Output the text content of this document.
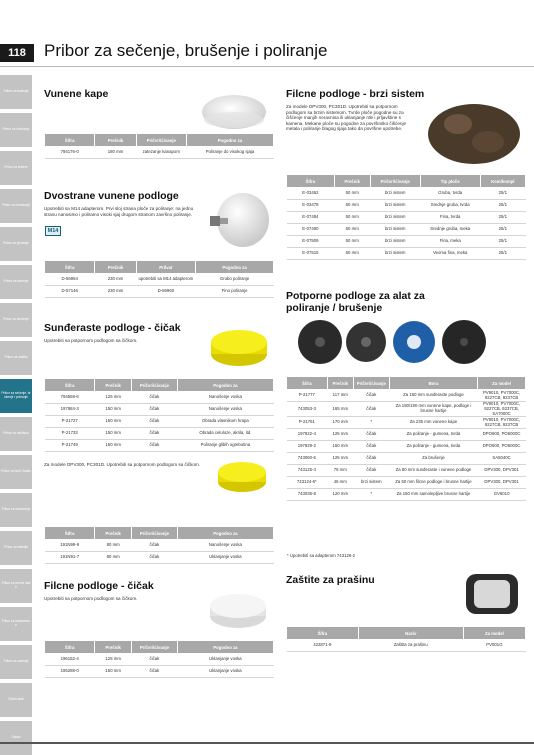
118	Pribor za sečenje, brušenje i poliranje
Pribor za bušenje
Pribor za odvrtanje
Pribor za testere
Pribor za rendisanje
Pribor za glodanje
Pribor za sečenje
Pribor za brušenje
Pribor za zaštitu
Pribor za sečenje, brušenje i poliranje
Pribor za multitool
Pribor za hobi i baštu
Pribor za usisavanje
Pribor za baterije
Pribor za merne alate
Pribor za kompresore
Pribor za zavrtnje
Ručni alati
Ostalo
Vunene kape
Šifra	Prečnik	Pričvršćivanje	Pogodno za
794176-0	180 mm	zatezanje kanapom	Poliranje do visokog sjaja
Dvostrane vunene podloge
Upotrebiti sa M14 adapterom. Prvi sloj strana ploče za poliranje; na jednu stranu nanosimo i poliramo visoki sjaj drugom stranom završno poliranje.
M14
Šifra	Prečnik	Prilvat	Pogodno za
D-56954	230 mm	upotrebiti sa M14 adapterom	Grubo poliranje
D-57146	230 mm	D-56960	Fino poliranje
Sunđeraste podloge - čičak
Upotrebiti sa potpornom podlogom sa čičkom.
Šifra	Prečnik	Pričvršćivanje	Pogodno za
794558-6	125 mm	čičak	Nanošenje voska
197884-3	150 mm	čičak	Nanošenje voska
P-21727	150 mm	čičak	Obrada vlasnikom hrapa
P-21733	150 mm	čičak	Obrada celuloze, akrila, itd.
P-21749	150 mm	čičak	Poliranje glibih ogrebotina
Za modele DPV300, PC301D. Upotrebiti sa potpornom podlogom sa čičkom.
Šifra	Prečnik	Pričvršćivanje	Pogodno za
191N99-9	80 mm	čičak	Nanošenje voska
191N91-7	80 mm	čičak	Uklanjanje voska
Filcne podloge - čičak
Upotrebiti sa potpornom podlogom sa čičkom.
Šifra	Prečnik	Pričvršćivanje	Pogodno za
196152-4	125 mm	čičak	Uklanjanje voska
195288-0	150 mm	čičak	Uklanjanje voska
Filcne podloge - brzi sistem
Za modele DPV300, PC301D. Upotrebiti sa potpornom podlogom sa brzim sistemom. Tvrde ploče pogodne su za čišćenje manjih neravnina ili uklanjanje rđe i prljavštine s kamena. Mekane ploče su pogodne za površinsko čišćenje metala i poliranje blagog sjaja tako da površine upotrebe.
Šifra	Prečnik	Pričvršćivanje	Tip ploče	Kom/kompl
E-03462	50 mm	brzi sistem	Gruba, tvrda	25/1
E-03478	50 mm	brzi sistem	Srednje gruba, tvrda	25/1
E-07484	50 mm	brzi sistem	Fina, tvrda	25/1
E-07490	50 mm	brzi sistem	Srednje gruba, meka	25/1
E-07509	50 mm	brzi sistem	Fina, meka	25/1
E-07515	50 mm	brzi sistem	Veoma fina, meka	25/1
Potporne podloge za alat za
poliranje / brušenje
Šifra	Prečnik	Pričvršćivanje	Bora	Za model
P-21777	117 mm	čičak	Za 150 mm sunđeraste podloge	PV9010, PV7000C, 9227CB, 9237CB
743053-3	165 mm	čičak	Za 180/190 mm vunene kape, podloge i brusne hartije	PV9010, PV7000C, 9227CB, 9237CB, SA7000C
P-21761	170 mm	*	Za 235 mm vunene kape	PV9010, PV7000C, 9227CB, 9237CB
197922-4	125 mm	čičak	Za poliranje - gumena, tvrda	DPO600, PO6000C
197929-2	150 mm	čičak	Za poliranje - gumena, tvrda	DPO600, PO6000C
743060-6	125 mm	čičak	Za brušenje	SA5040C
743125-4	75 mm	čičak	Za 80 mm sunđeraste i vunene podloge	DPV300, DPV301
743124-6*	46 mm	brzi sistem	Za 50 mm filcne podloge i brusne hartije	DPV300, DPV301
743035-8	120 mm	*	Za 150 mm samolepljive brusne hartije	GV6010
* Upotrebiti sa adapterom 743126-2
Zaštite za prašinu
Šifra	Naziv	Za model
422871-9	Zaštita za prašinu	PV001G
